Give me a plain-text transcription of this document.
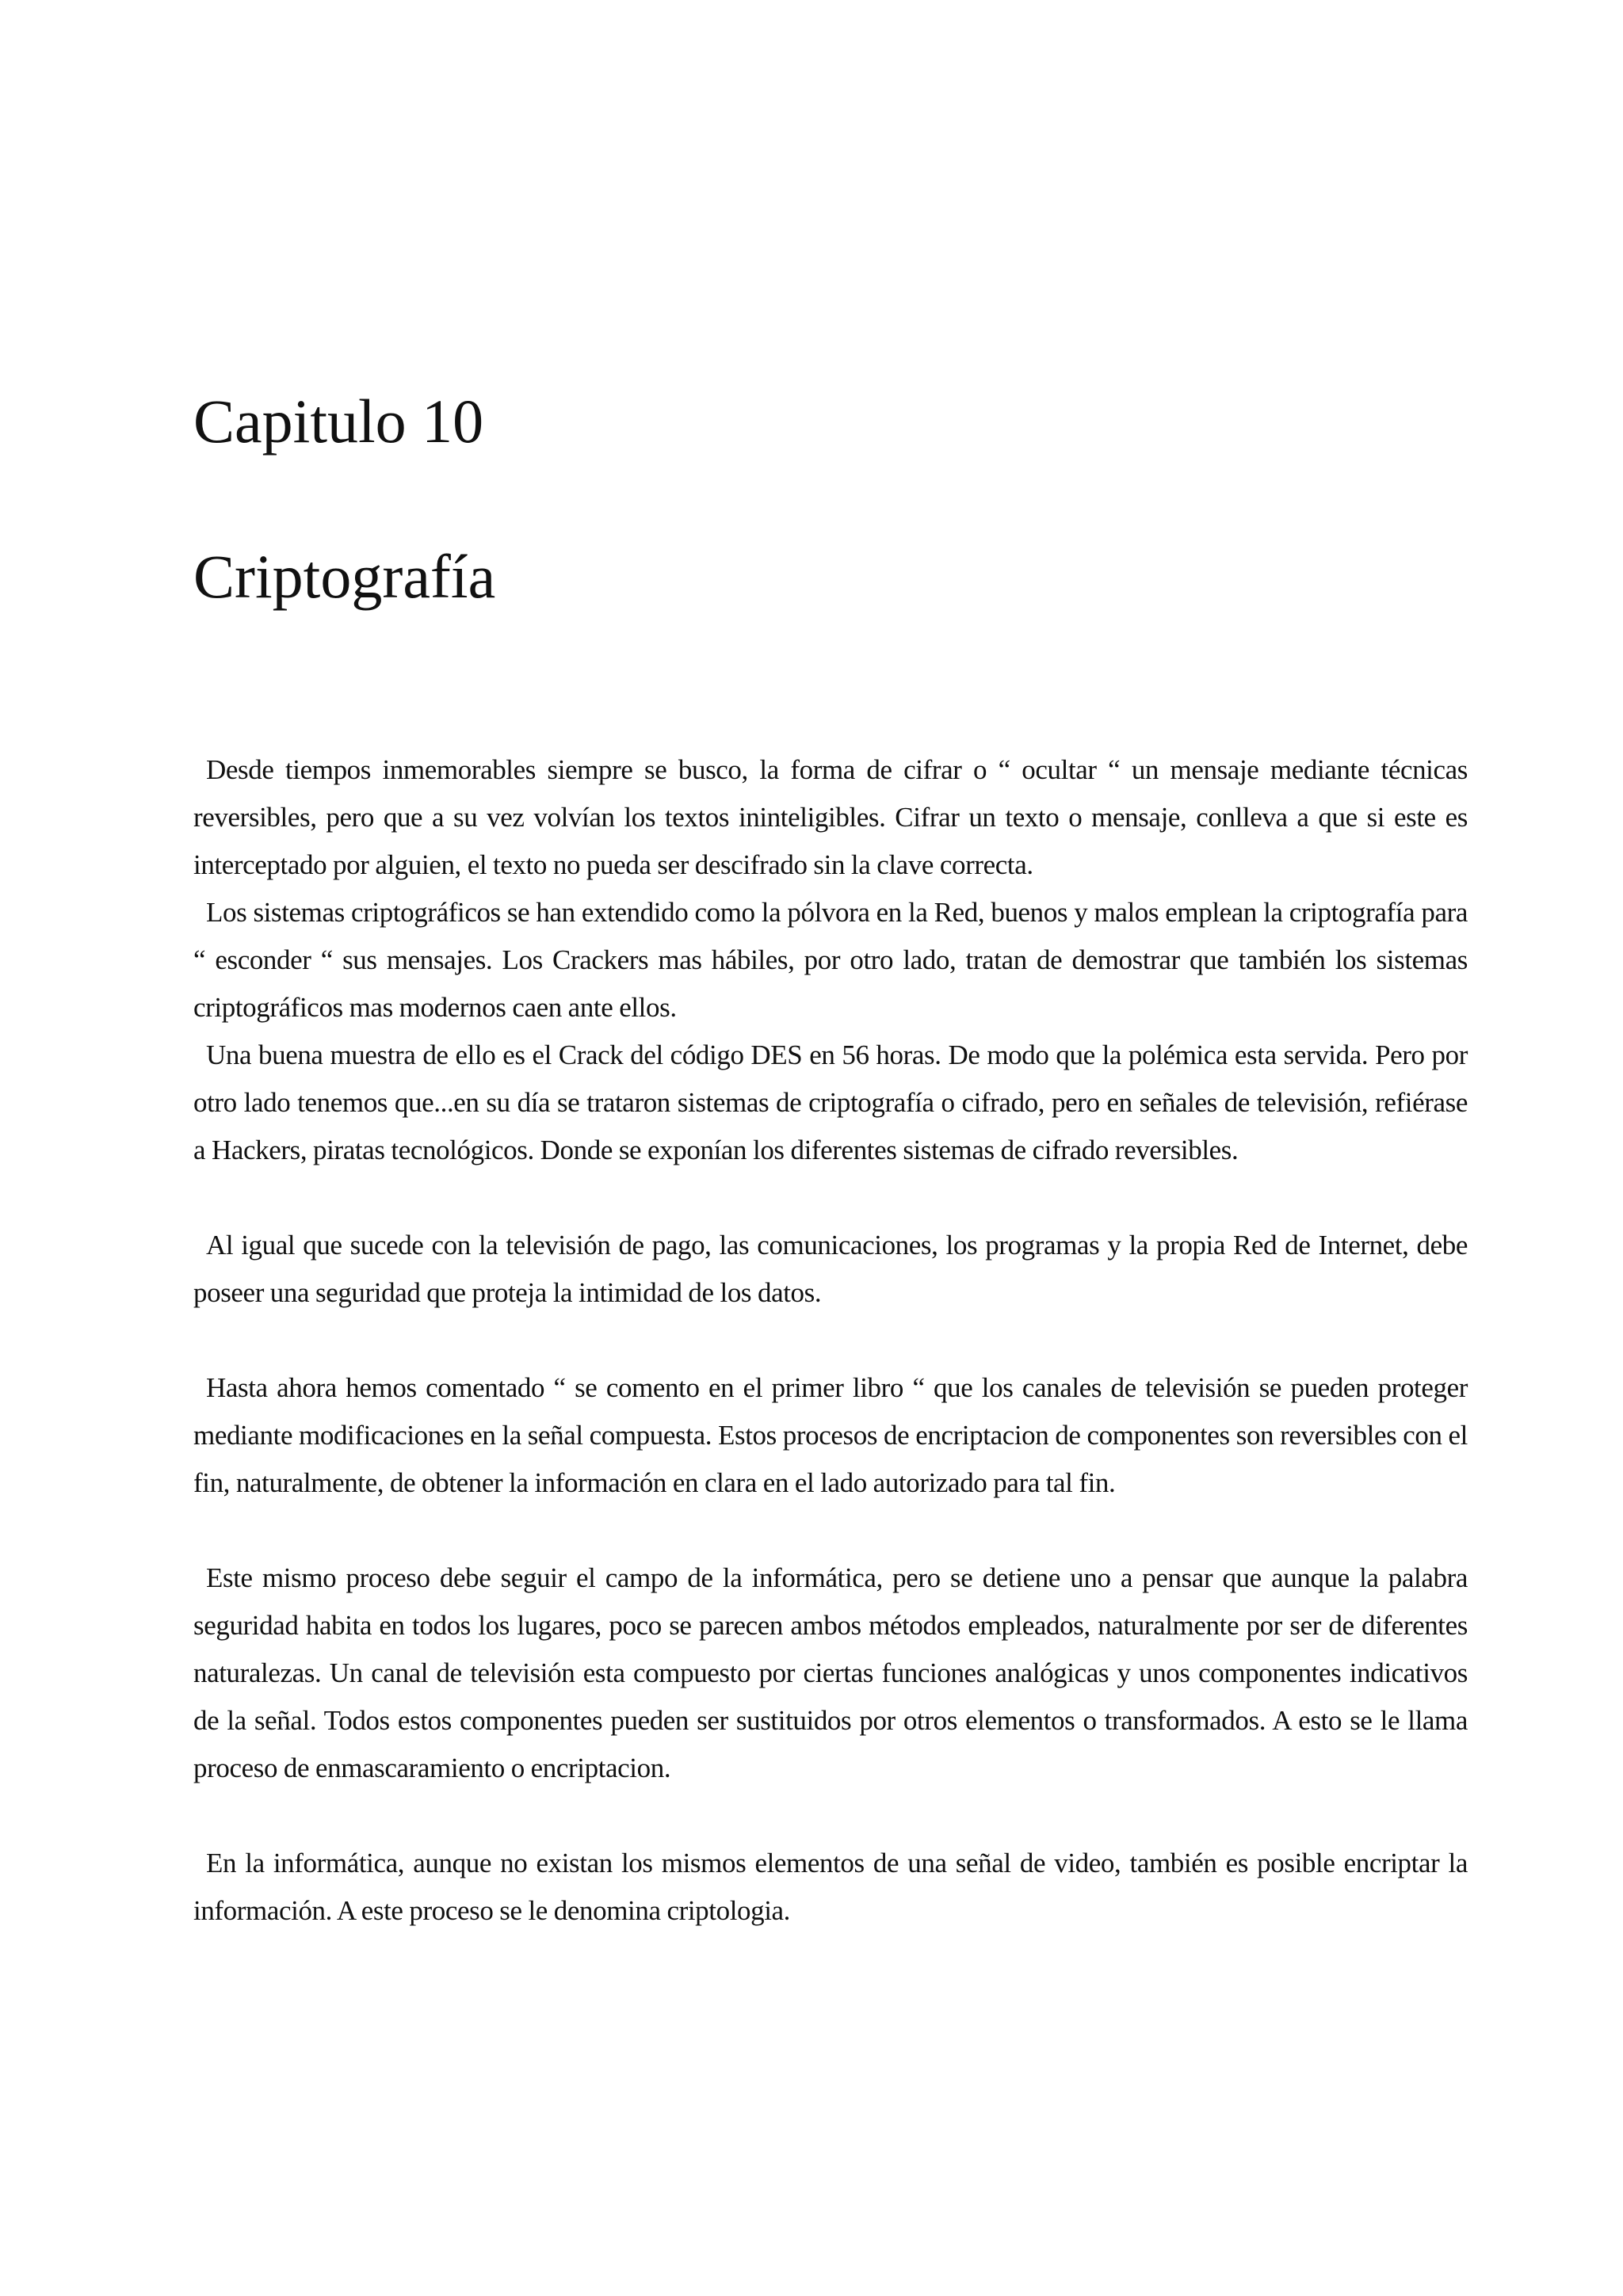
Capitulo 10
Criptografía

Desde tiempos inmemorables siempre se busco, la forma de cifrar o “ ocultar “ un mensaje mediante técnicas reversibles, pero que a su vez volvían los textos ininteligibles. Cifrar un texto o mensaje, conlleva a que si este es interceptado por alguien, el texto no pueda ser descifrado sin la clave correcta.

Los sistemas criptográficos se han extendido como la pólvora en la Red, buenos y malos emplean la criptografía para “ esconder “ sus mensajes. Los Crackers mas hábiles, por otro lado, tratan de demostrar que también los sistemas criptográficos mas modernos caen ante ellos.

Una buena muestra de ello es el Crack del código DES en 56 horas. De modo que la polémica esta servida. Pero por otro lado tenemos que...en su día se trataron sistemas de criptografía o cifrado, pero en señales de televisión, refiérase a Hackers, piratas tecnológicos. Donde se exponían los diferentes sistemas de cifrado reversibles.

Al igual que sucede con la televisión de pago, las comunicaciones, los programas y la propia Red de Internet, debe poseer una seguridad que proteja la intimidad de los datos.

Hasta ahora hemos comentado “ se comento en el primer libro “ que los canales de televisión se pueden proteger mediante modificaciones en la señal compuesta. Estos procesos de encriptacion de componentes son reversibles con el fin, naturalmente, de obtener la información en clara en el lado autorizado para tal fin.

Este mismo proceso debe seguir el campo de la informática, pero se detiene uno a pensar que aunque la palabra seguridad habita en todos los lugares, poco se parecen ambos métodos empleados, naturalmente por ser de diferentes naturalezas. Un canal de televisión esta compuesto por ciertas funciones analógicas y unos componentes indicativos de la señal. Todos estos componentes pueden ser sustituidos por otros elementos o transformados. A esto se le llama proceso de enmascaramiento o encriptacion.

En la informática, aunque no existan los mismos elementos de una señal de video, también es posible encriptar la información. A este proceso se le denomina criptologia.
